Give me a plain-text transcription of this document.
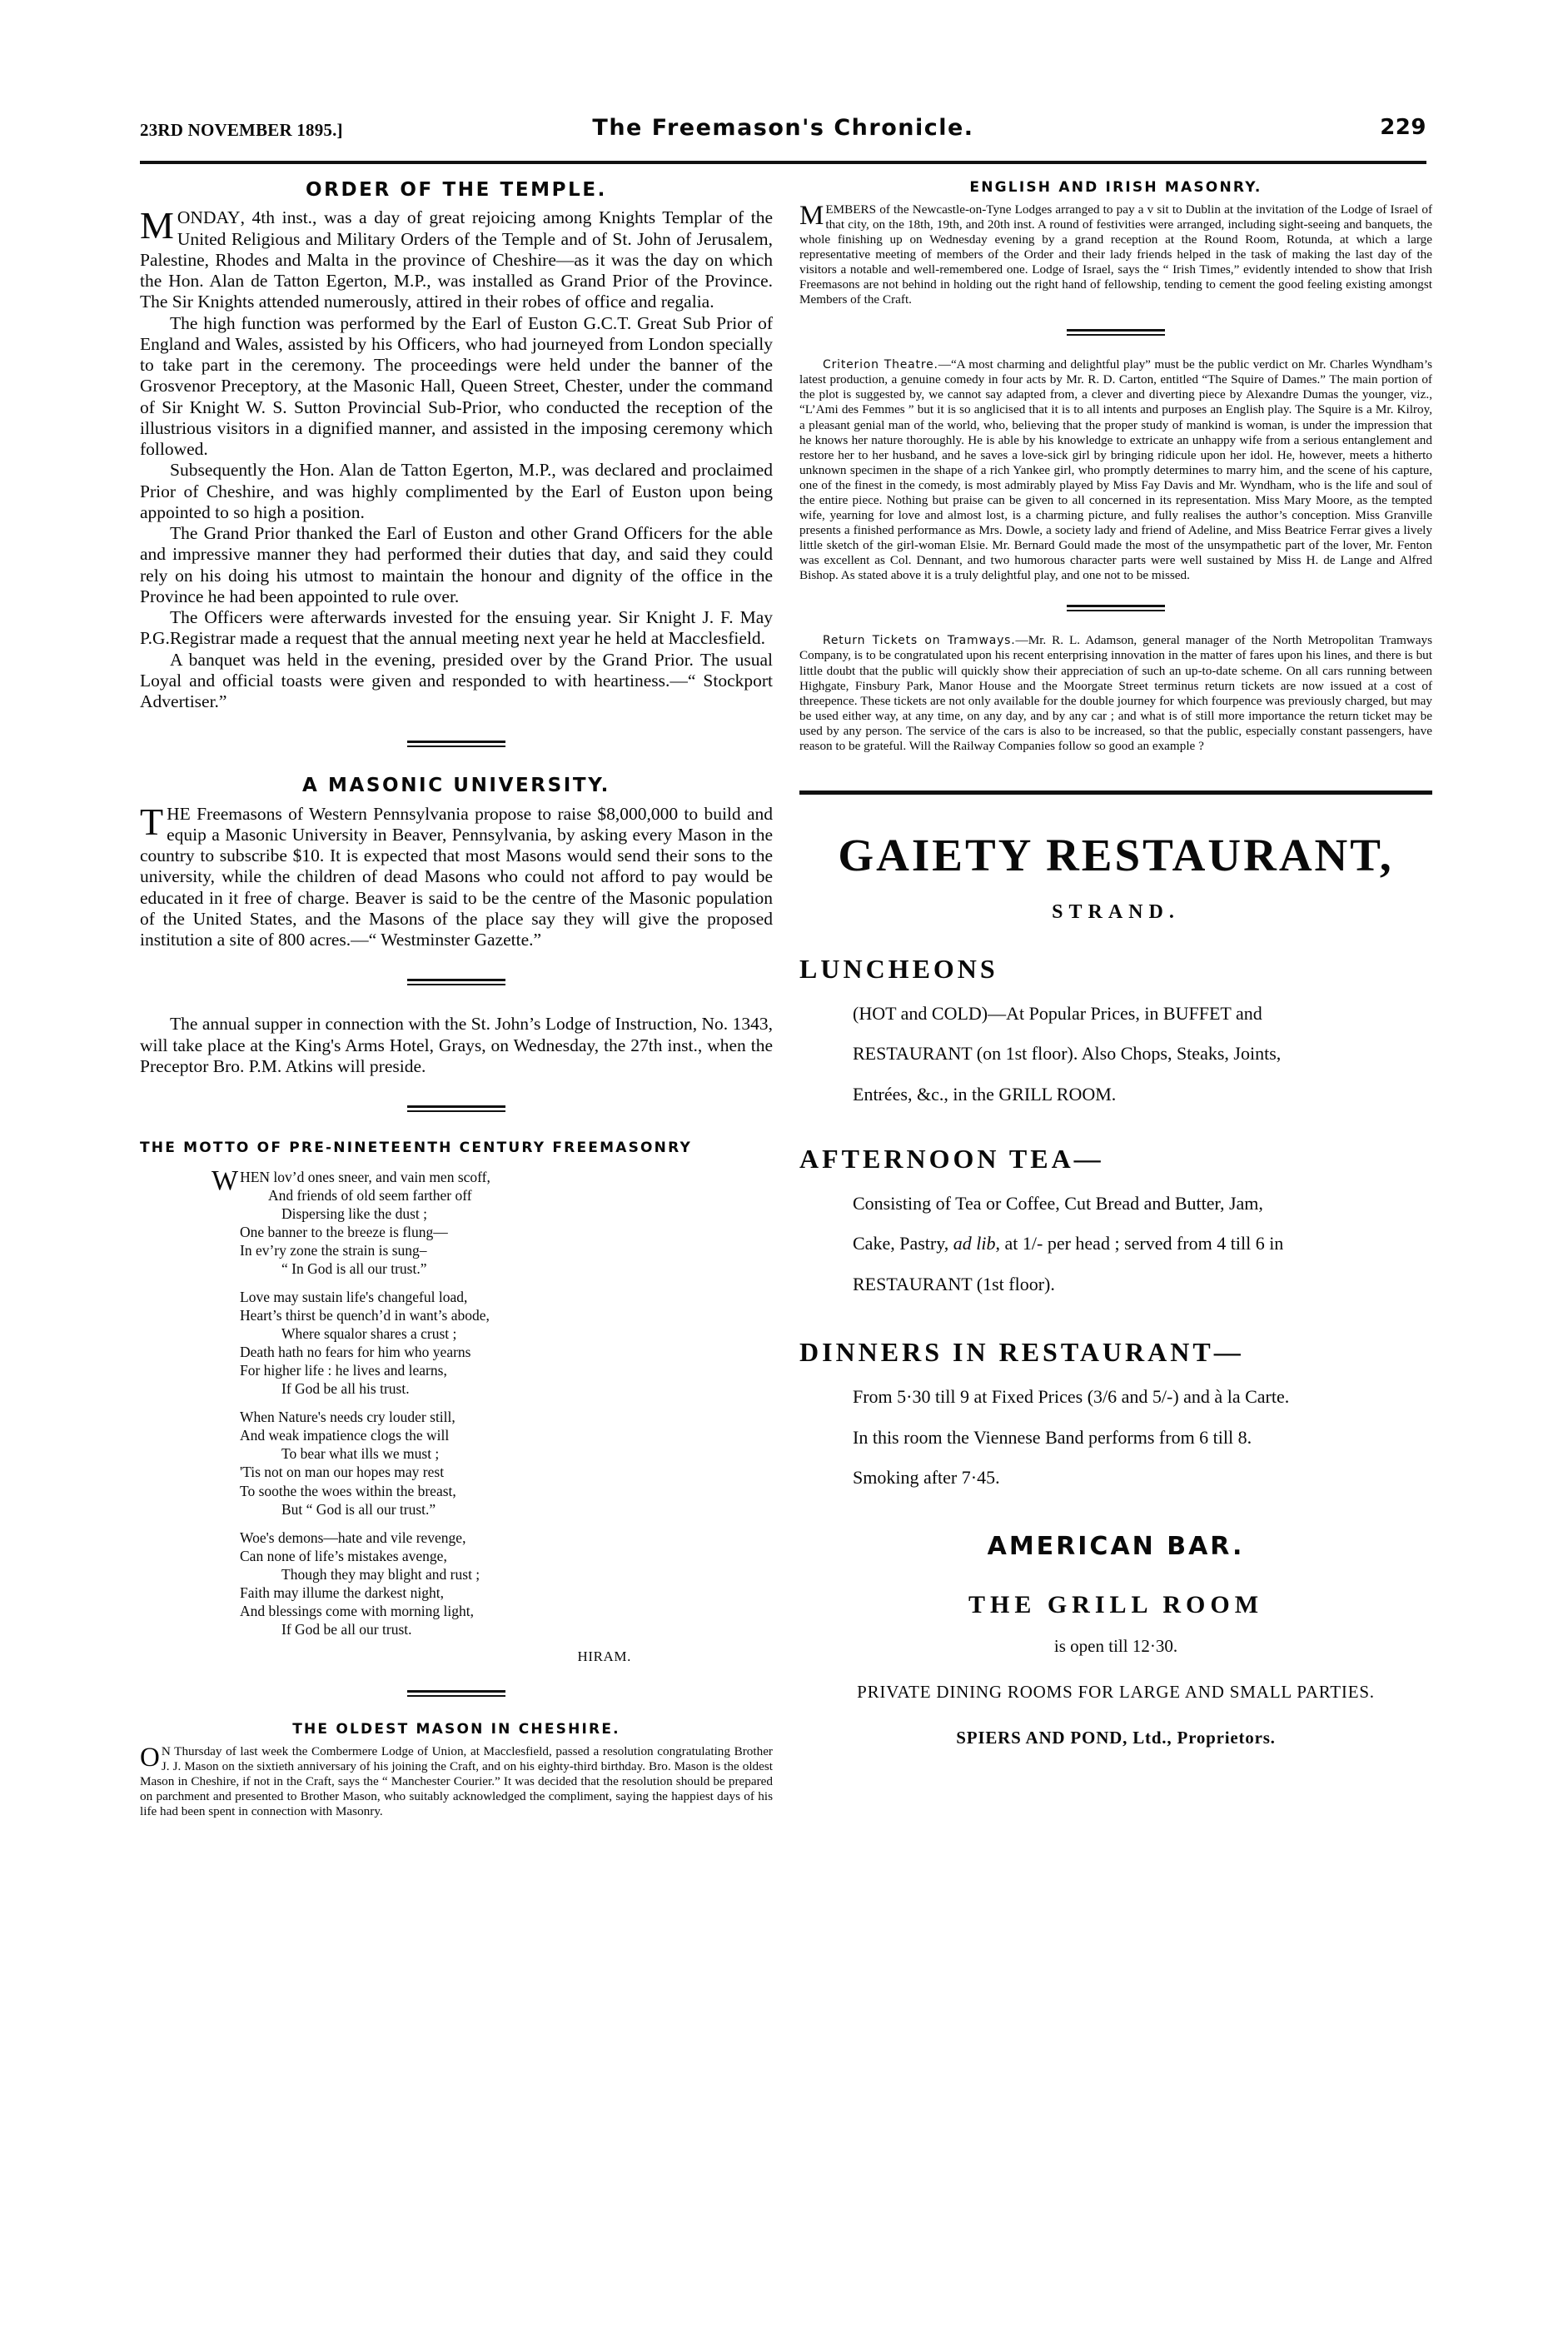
23RD NOVEMBER 1895.]	The Freemason's Chronicle.	229
ORDER OF THE TEMPLE.

MONDAY, 4th inst., was a day of great rejoicing among Knights Templar of the United Religious and Military Orders of the Temple and of St. John of Jerusalem, Palestine, Rhodes and Malta in the province of Cheshire—as it was the day on which the Hon. Alan de Tatton Egerton, M.P., was installed as Grand Prior of the Province. The Sir Knights attended numerously, attired in their robes of office and regalia.

The high function was performed by the Earl of Euston G.C.T. Great Sub Prior of England and Wales, assisted by his Officers, who had journeyed from London specially to take part in the ceremony. The proceedings were held under the banner of the Grosvenor Preceptory, at the Masonic Hall, Queen Street, Chester, under the command of Sir Knight W. S. Sutton Provincial Sub-Prior, who conducted the reception of the illustrious visitors in a dignified manner, and assisted in the imposing ceremony which followed.

Subsequently the Hon. Alan de Tatton Egerton, M.P., was declared and proclaimed Prior of Cheshire, and was highly complimented by the Earl of Euston upon being appointed to so high a position.

The Grand Prior thanked the Earl of Euston and other Grand Officers for the able and impressive manner they had performed their duties that day, and said they could rely on his doing his utmost to maintain the honour and dignity of the office in the Province he had been appointed to rule over.

The Officers were afterwards invested for the ensuing year. Sir Knight J. F. May P.G.Registrar made a request that the annual meeting next year he held at Macclesfield.

A banquet was held in the evening, presided over by the Grand Prior. The usual Loyal and official toasts were given and responded to with heartiness.—“ Stockport Advertiser.”

A MASONIC UNIVERSITY.

THE Freemasons of Western Pennsylvania propose to raise $8,000,000 to build and equip a Masonic University in Beaver, Pennsylvania, by asking every Mason in the country to subscribe $10. It is expected that most Masons would send their sons to the university, while the children of dead Masons who could not afford to pay would be educated in it free of charge. Beaver is said to be the centre of the Masonic population of the United States, and the Masons of the place say they will give the proposed institution a site of 800 acres.—“ Westminster Gazette.”

The annual supper in connection with the St. John’s Lodge of Instruction, No. 1343, will take place at the King's Arms Hotel, Grays, on Wednesday, the 27th inst., when the Preceptor Bro. P.M. Atkins will preside.

THE MOTTO OF PRE-NINETEENTH CENTURY FREEMASONRY
W HEN lov’d ones sneer, and vain men scoff,
And friends of old seem farther off
Dispersing like the dust ;
One banner to the breeze is flung—
In ev’ry zone the strain is sung–
“ In God is all our trust.”
Love may sustain life's changeful load,
Heart’s thirst be quench’d in want’s abode,
Where squalor shares a crust ;
Death hath no fears for him who yearns
For higher life : he lives and learns,
If God be all his trust.
When Nature's needs cry louder still,
And weak impatience clogs the will
To bear what ills we must ;
'Tis not on man our hopes may rest
To soothe the woes within the breast,
But “ God is all our trust.”
Woe's demons—hate and vile revenge,
Can none of life’s mistakes avenge,
Though they may blight and rust ;
Faith may illume the darkest night,
And blessings come with morning light,
If God be all our trust.
HIRAM.
THE OLDEST MASON IN CHESHIRE.

O N Thursday of last week the Combermere Lodge of Union, at Macclesfield, passed a resolution congratulating Brother J. J. Mason on the sixtieth anniversary of his joining the Craft, and on his eighty-third birthday. Bro. Mason is the oldest Mason in Cheshire, if not in the Craft, says the “ Manchester Courier.” It was decided that the resolution should be prepared on parchment and presented to Brother Mason, who suitably acknowledged the compliment, saying the happiest days of his life had been spent in connection with Masonry.

ENGLISH AND IRISH MASONRY.

MEMBERS of the Newcastle-on-Tyne Lodges arranged to pay a v sit to Dublin at the invitation of the Lodge of Israel of that city, on the 18th, 19th, and 20th inst. A round of festivities were arranged, including sight-seeing and banquets, the whole finishing up on Wednesday evening by a grand reception at the Round Room, Rotunda, at which a large representative meeting of members of the Order and their lady friends helped in the task of making the last day of the visitors a notable and well-remembered one. Lodge of Israel, says the “ Irish Times,” evidently intended to show that Irish Freemasons are not behind in holding out the right hand of fellowship, tending to cement the good feeling existing amongst Members of the Craft.

Criterion Theatre.—“A most charming and delightful play” must be the public verdict on Mr. Charles Wyndham’s latest production, a genuine comedy in four acts by Mr. R. D. Carton, entitled “The Squire of Dames.” The main portion of the plot is suggested by, we cannot say adapted from, a clever and diverting piece by Alexandre Dumas the younger, viz., “L’Ami des Femmes ” but it is so anglicised that it is to all intents and purposes an English play. The Squire is a Mr. Kilroy, a pleasant genial man of the world, who, believing that the proper study of mankind is woman, is under the impression that he knows her nature thoroughly. He is able by his knowledge to extricate an unhappy wife from a serious entanglement and restore her to her husband, and he saves a love-sick girl by bringing ridicule upon her idol. He, however, meets a hitherto unknown specimen in the shape of a rich Yankee girl, who promptly determines to marry him, and the scene of his capture, one of the finest in the comedy, is most admirably played by Miss Fay Davis and Mr. Wyndham, who is the life and soul of the entire piece. Nothing but praise can be given to all concerned in its representation. Miss Mary Moore, as the tempted wife, yearning for love and almost lost, is a charming picture, and fully realises the author’s conception. Miss Granville presents a finished performance as Mrs. Dowle, a society lady and friend of Adeline, and Miss Beatrice Ferrar gives a lively little sketch of the girl-woman Elsie. Mr. Bernard Gould made the most of the unsympathetic part of the lover, Mr. Fenton was excellent as Col. Dennant, and two humorous character parts were well sustained by Miss H. de Lange and Alfred Bishop. As stated above it is a truly delightful play, and one not to be missed.

Return Tickets on Tramways.—Mr. R. L. Adamson, general manager of the North Metropolitan Tramways Company, is to be congratulated upon his recent enterprising innovation in the matter of fares upon his lines, and there is but little doubt that the public will quickly show their appreciation of such an up-to-date scheme. On all cars running between Highgate, Finsbury Park, Manor House and the Moorgate Street terminus return tickets are now issued at a cost of threepence. These tickets are not only available for the double journey for which fourpence was previously charged, but may be used either way, at any time, on any day, and by any car ; and what is of still more importance the return ticket may be used by any person. The service of the cars is also to be increased, so that the public, especially constant passengers, have reason to be grateful. Will the Railway Companies follow so good an example ?

GAIETY RESTAURANT,
STRAND.
LUNCHEONS
(HOT and COLD)—At Popular Prices, in BUFFET and
RESTAURANT (on 1st floor). Also Chops, Steaks, Joints,
Entrées, &c., in the GRILL ROOM.
AFTERNOON TEA—
Consisting of Tea or Coffee, Cut Bread and Butter, Jam,
Cake, Pastry, ad lib, at 1/- per head ; served from 4 till 6 in
RESTAURANT (1st floor).
DINNERS IN RESTAURANT—
From 5·30 till 9 at Fixed Prices (3/6 and 5/-) and à la Carte.
In this room the Viennese Band performs from 6 till 8.
Smoking after 7·45.
AMERICAN BAR.
THE GRILL ROOM
is open till 12·30.
PRIVATE DINING ROOMS FOR LARGE AND SMALL PARTIES.
SPIERS AND POND, Ltd., Proprietors.
